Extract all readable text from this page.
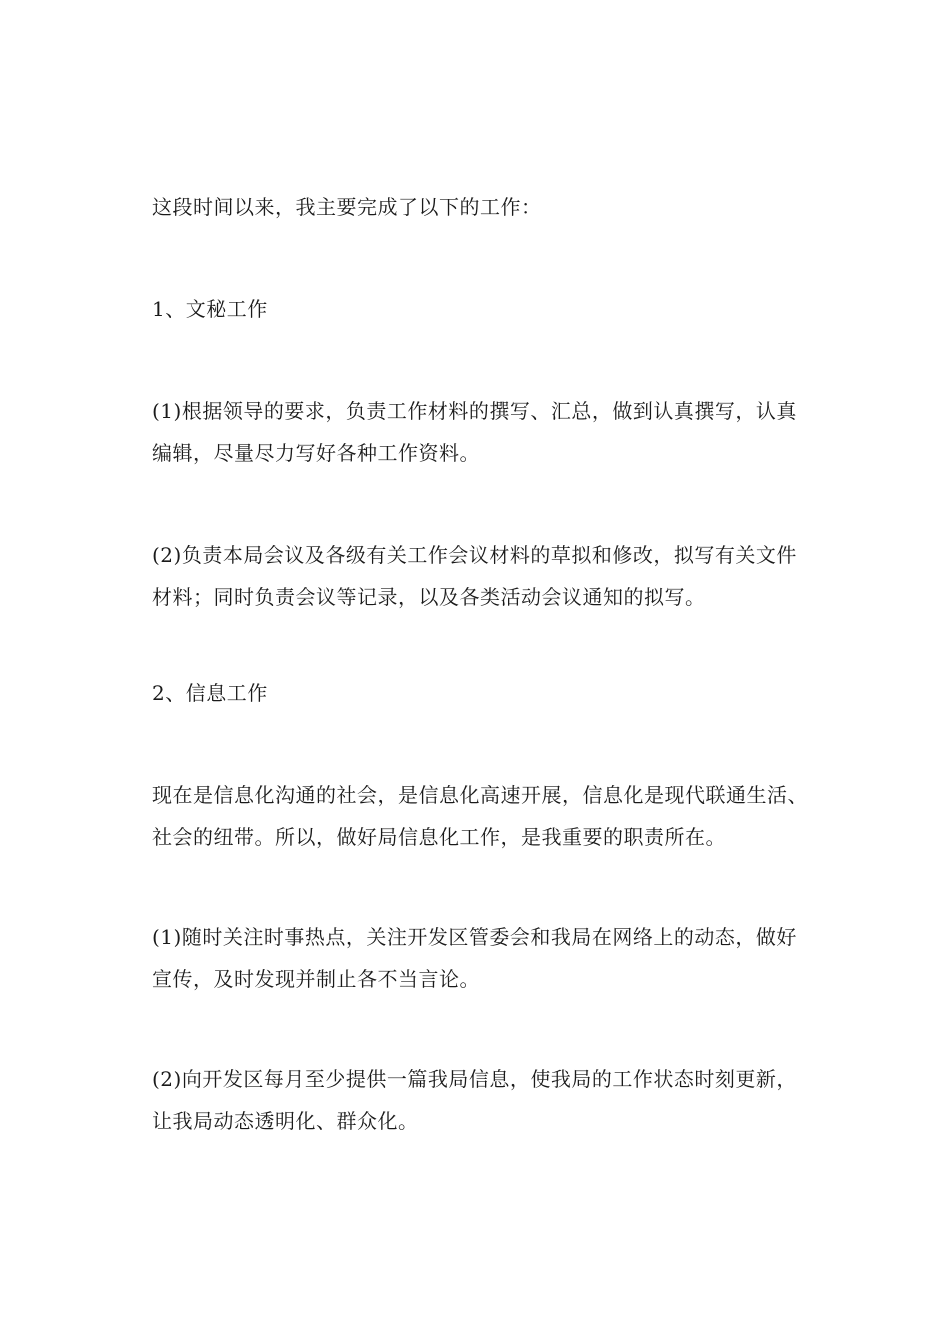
这段时间以来，我主要完成了以下的工作：

1、文秘工作

(1)根据领导的要求，负责工作材料的撰写、汇总，做到认真撰写，认真编辑，尽量尽力写好各种工作资料。

(2)负责本局会议及各级有关工作会议材料的草拟和修改，拟写有关文件材料；同时负责会议等记录，以及各类活动会议通知的拟写。

2、信息工作

现在是信息化沟通的社会，是信息化高速开展，信息化是现代联通生活、社会的纽带。所以，做好局信息化工作，是我重要的职责所在。

(1)随时关注时事热点，关注开发区管委会和我局在网络上的动态，做好宣传，及时发现并制止各不当言论。

(2)向开发区每月至少提供一篇我局信息，使我局的工作状态时刻更新，让我局动态透明化、群众化。
